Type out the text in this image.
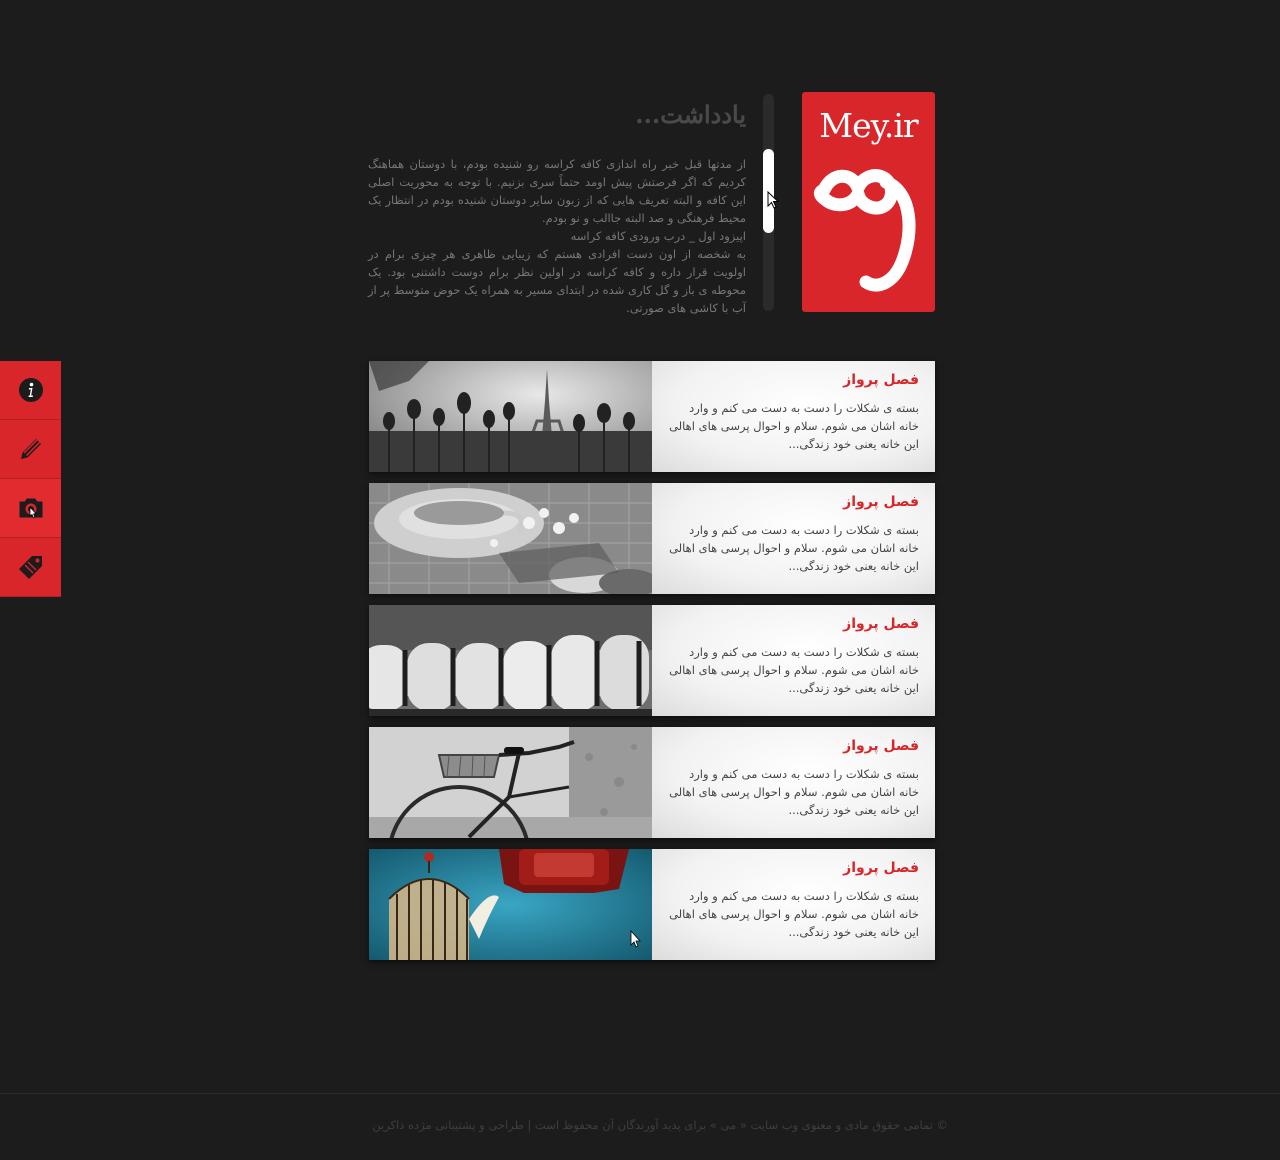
Mey.ir
یادداشت...

از مدتها قبل خبر راه اندازی کافه کراسه رو شنیده بودم، با دوستان هماهنگ کردیم که اگر فرصتش پیش اومد حتماً سری بزنیم. با توجه به محوریت اصلی این کافه و البته تعریف هایی که از زبون سایر دوستان شنیده بودم در انتظار یک محیط فرهنگی و صد البته جاالب و نو بودم.

اپیزود اول _ درب ورودی کافه کراسه

به شخصه از اون دست افرادی هستم که زیبایی ظاهری هر چیزی برام در اولویت قرار داره و کافه کراسه در اولین نظر برام دوست داشتنی بود. یک محوطه ی باز و گل کاری شده در ابتدای مسیر به همراه یک حوض متوسط پر از آب با کاشی های صورتی.

فصل پرواز
بسته ی شکلات را دست به دست می کنم و وارد خانه اشان می شوم. سلام و احوال پرسی های اهالی این خانه یعنی خود زندگی...
فصل پرواز
بسته ی شکلات را دست به دست می کنم و وارد خانه اشان می شوم. سلام و احوال پرسی های اهالی این خانه یعنی خود زندگی...
فصل پرواز
بسته ی شکلات را دست به دست می کنم و وارد خانه اشان می شوم. سلام و احوال پرسی های اهالی این خانه یعنی خود زندگی...
فصل پرواز
بسته ی شکلات را دست به دست می کنم و وارد خانه اشان می شوم. سلام و احوال پرسی های اهالی این خانه یعنی خود زندگی...
فصل پرواز
بسته ی شکلات را دست به دست می کنم و وارد خانه اشان می شوم. سلام و احوال پرسی های اهالی این خانه یعنی خود زندگی...
© تمامی حقوق مادی و معنوی وب سایت « می » برای پدید آورندگان آن محفوظ است | طراحی و پشتیبانی مژده ذاکرین
